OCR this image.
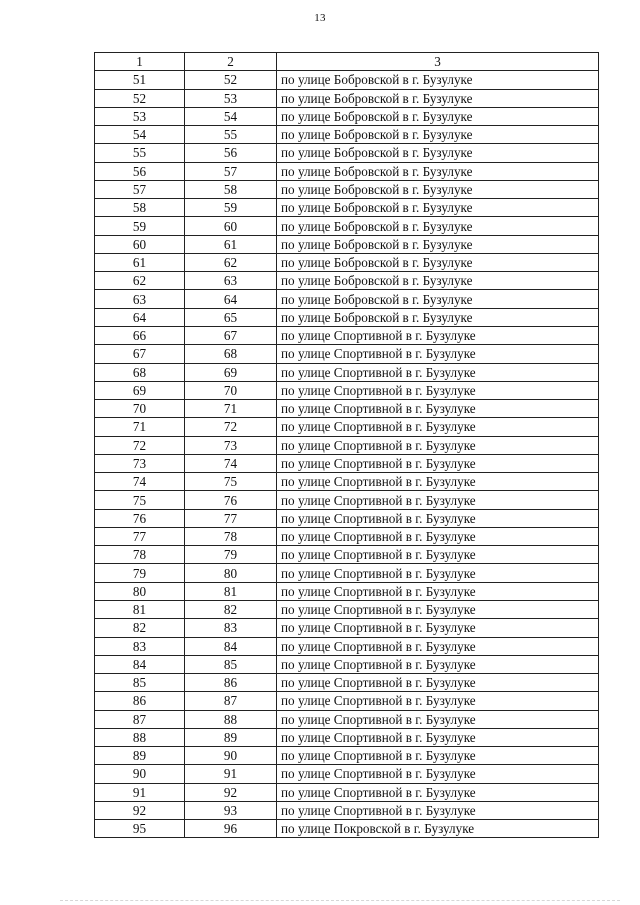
13
1	2	3
51	52	по улице Бобровской в г. Бузулуке
52	53	по улице Бобровской в г. Бузулуке
53	54	по улице Бобровской в г. Бузулуке
54	55	по улице Бобровской в г. Бузулуке
55	56	по улице Бобровской в г. Бузулуке
56	57	по улице Бобровской в г. Бузулуке
57	58	по улице Бобровской в г. Бузулуке
58	59	по улице Бобровской в г. Бузулуке
59	60	по улице Бобровской в г. Бузулуке
60	61	по улице Бобровской в г. Бузулуке
61	62	по улице Бобровской в г. Бузулуке
62	63	по улице Бобровской в г. Бузулуке
63	64	по улице Бобровской в г. Бузулуке
64	65	по улице Бобровской в г. Бузулуке
66	67	по улице Спортивной в г. Бузулуке
67	68	по улице Спортивной в г. Бузулуке
68	69	по улице Спортивной в г. Бузулуке
69	70	по улице Спортивной в г. Бузулуке
70	71	по улице Спортивной в г. Бузулуке
71	72	по улице Спортивной в г. Бузулуке
72	73	по улице Спортивной в г. Бузулуке
73	74	по улице Спортивной в г. Бузулуке
74	75	по улице Спортивной в г. Бузулуке
75	76	по улице Спортивной в г. Бузулуке
76	77	по улице Спортивной в г. Бузулуке
77	78	по улице Спортивной в г. Бузулуке
78	79	по улице Спортивной в г. Бузулуке
79	80	по улице Спортивной в г. Бузулуке
80	81	по улице Спортивной в г. Бузулуке
81	82	по улице Спортивной в г. Бузулуке
82	83	по улице Спортивной в г. Бузулуке
83	84	по улице Спортивной в г. Бузулуке
84	85	по улице Спортивной в г. Бузулуке
85	86	по улице Спортивной в г. Бузулуке
86	87	по улице Спортивной в г. Бузулуке
87	88	по улице Спортивной в г. Бузулуке
88	89	по улице Спортивной в г. Бузулуке
89	90	по улице Спортивной в г. Бузулуке
90	91	по улице Спортивной в г. Бузулуке
91	92	по улице Спортивной в г. Бузулуке
92	93	по улице Спортивной в г. Бузулуке
95	96	по улице Покровской в г. Бузулуке
